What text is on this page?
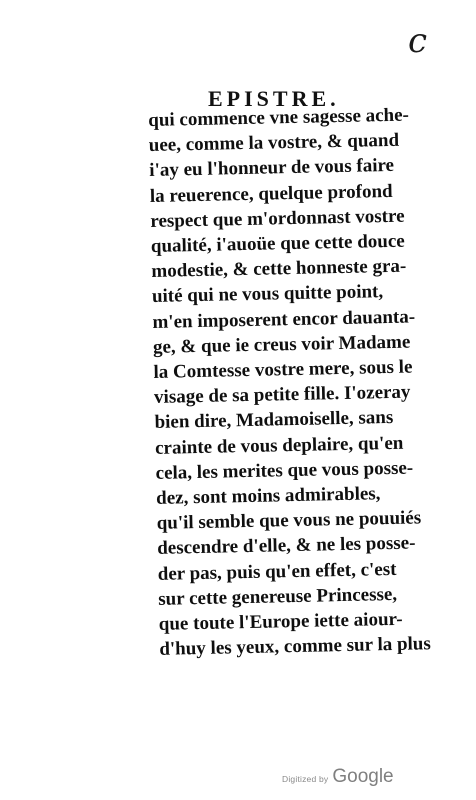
c
EPISTRE.
qui commence vne sagesse ache-
uee, comme la vostre, & quand
i'ay eu l'honneur de vous faire
la reuerence, quelque profond
respect que m'ordonnast vostre
qualité, i'auoüe que cette douce
modestie, & cette honneste gra-
uité qui ne vous quitte point,
m'en imposerent encor dauanta-
ge, & que ie creus voir Madame
la Comtesse vostre mere, sous le
visage de sa petite fille. I'ozeray
bien dire, Madamoiselle, sans
crainte de vous deplaire, qu'en
cela, les merites que vous posse-
dez, sont moins admirables,
qu'il semble que vous ne pouuiés
descendre d'elle, & ne les posse-
der pas, puis qu'en effet, c'est
sur cette genereuse Princesse,
que toute l'Europe iette aiour-
d'huy les yeux, comme sur la plus
Digitized by Google
